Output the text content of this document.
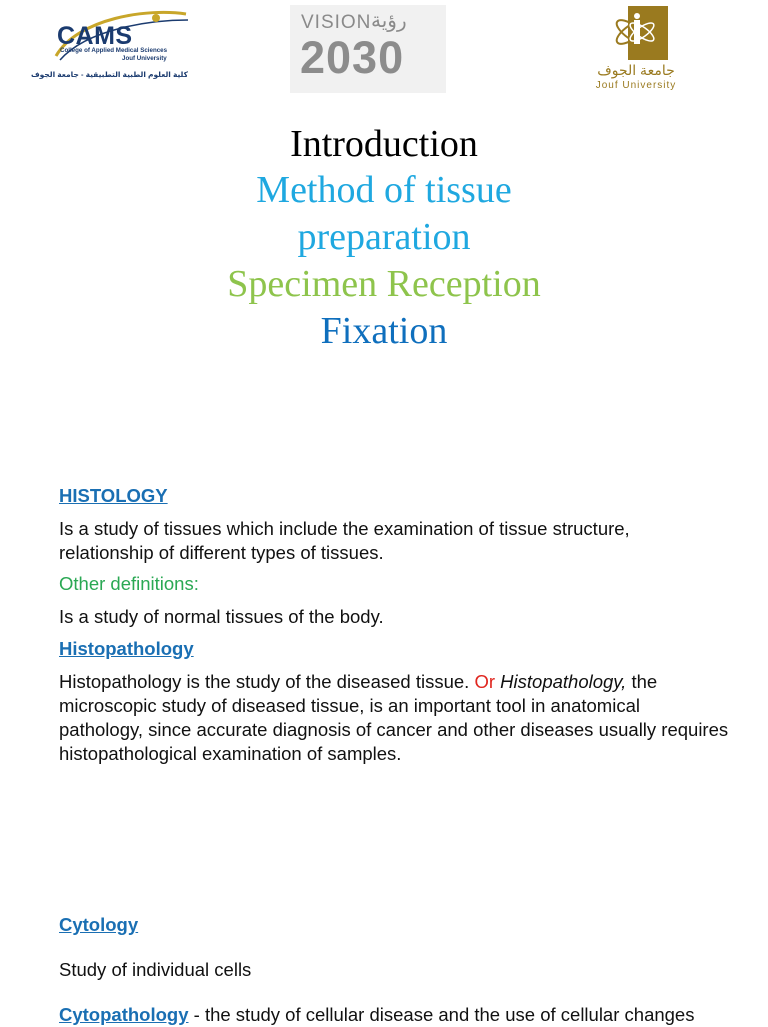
CAMS
College of Applied Medical Sciences
Jouf University
كلية العلوم الطبية التطبيقية - جامعة الجوف
VISION رؤية
2030	جامعة الجوف
Jouf University
Introduction
Method of tissue
preparation
Specimen Reception
Fixation
HISTOLOGY
Is a study of tissues which include the examination of tissue structure, relationship of different types of tissues.
Other definitions:
Is a study of normal tissues of the body.
Histopathology
Histopathology is the study of the diseased tissue. Or Histopathology, the microscopic study of diseased tissue, is an important tool in anatomical pathology, since accurate diagnosis of cancer and other diseases usually requires histopathological examination of samples.
Cytology
Study of individual cells
Cytopathology - the study of cellular disease and the use of cellular changes
